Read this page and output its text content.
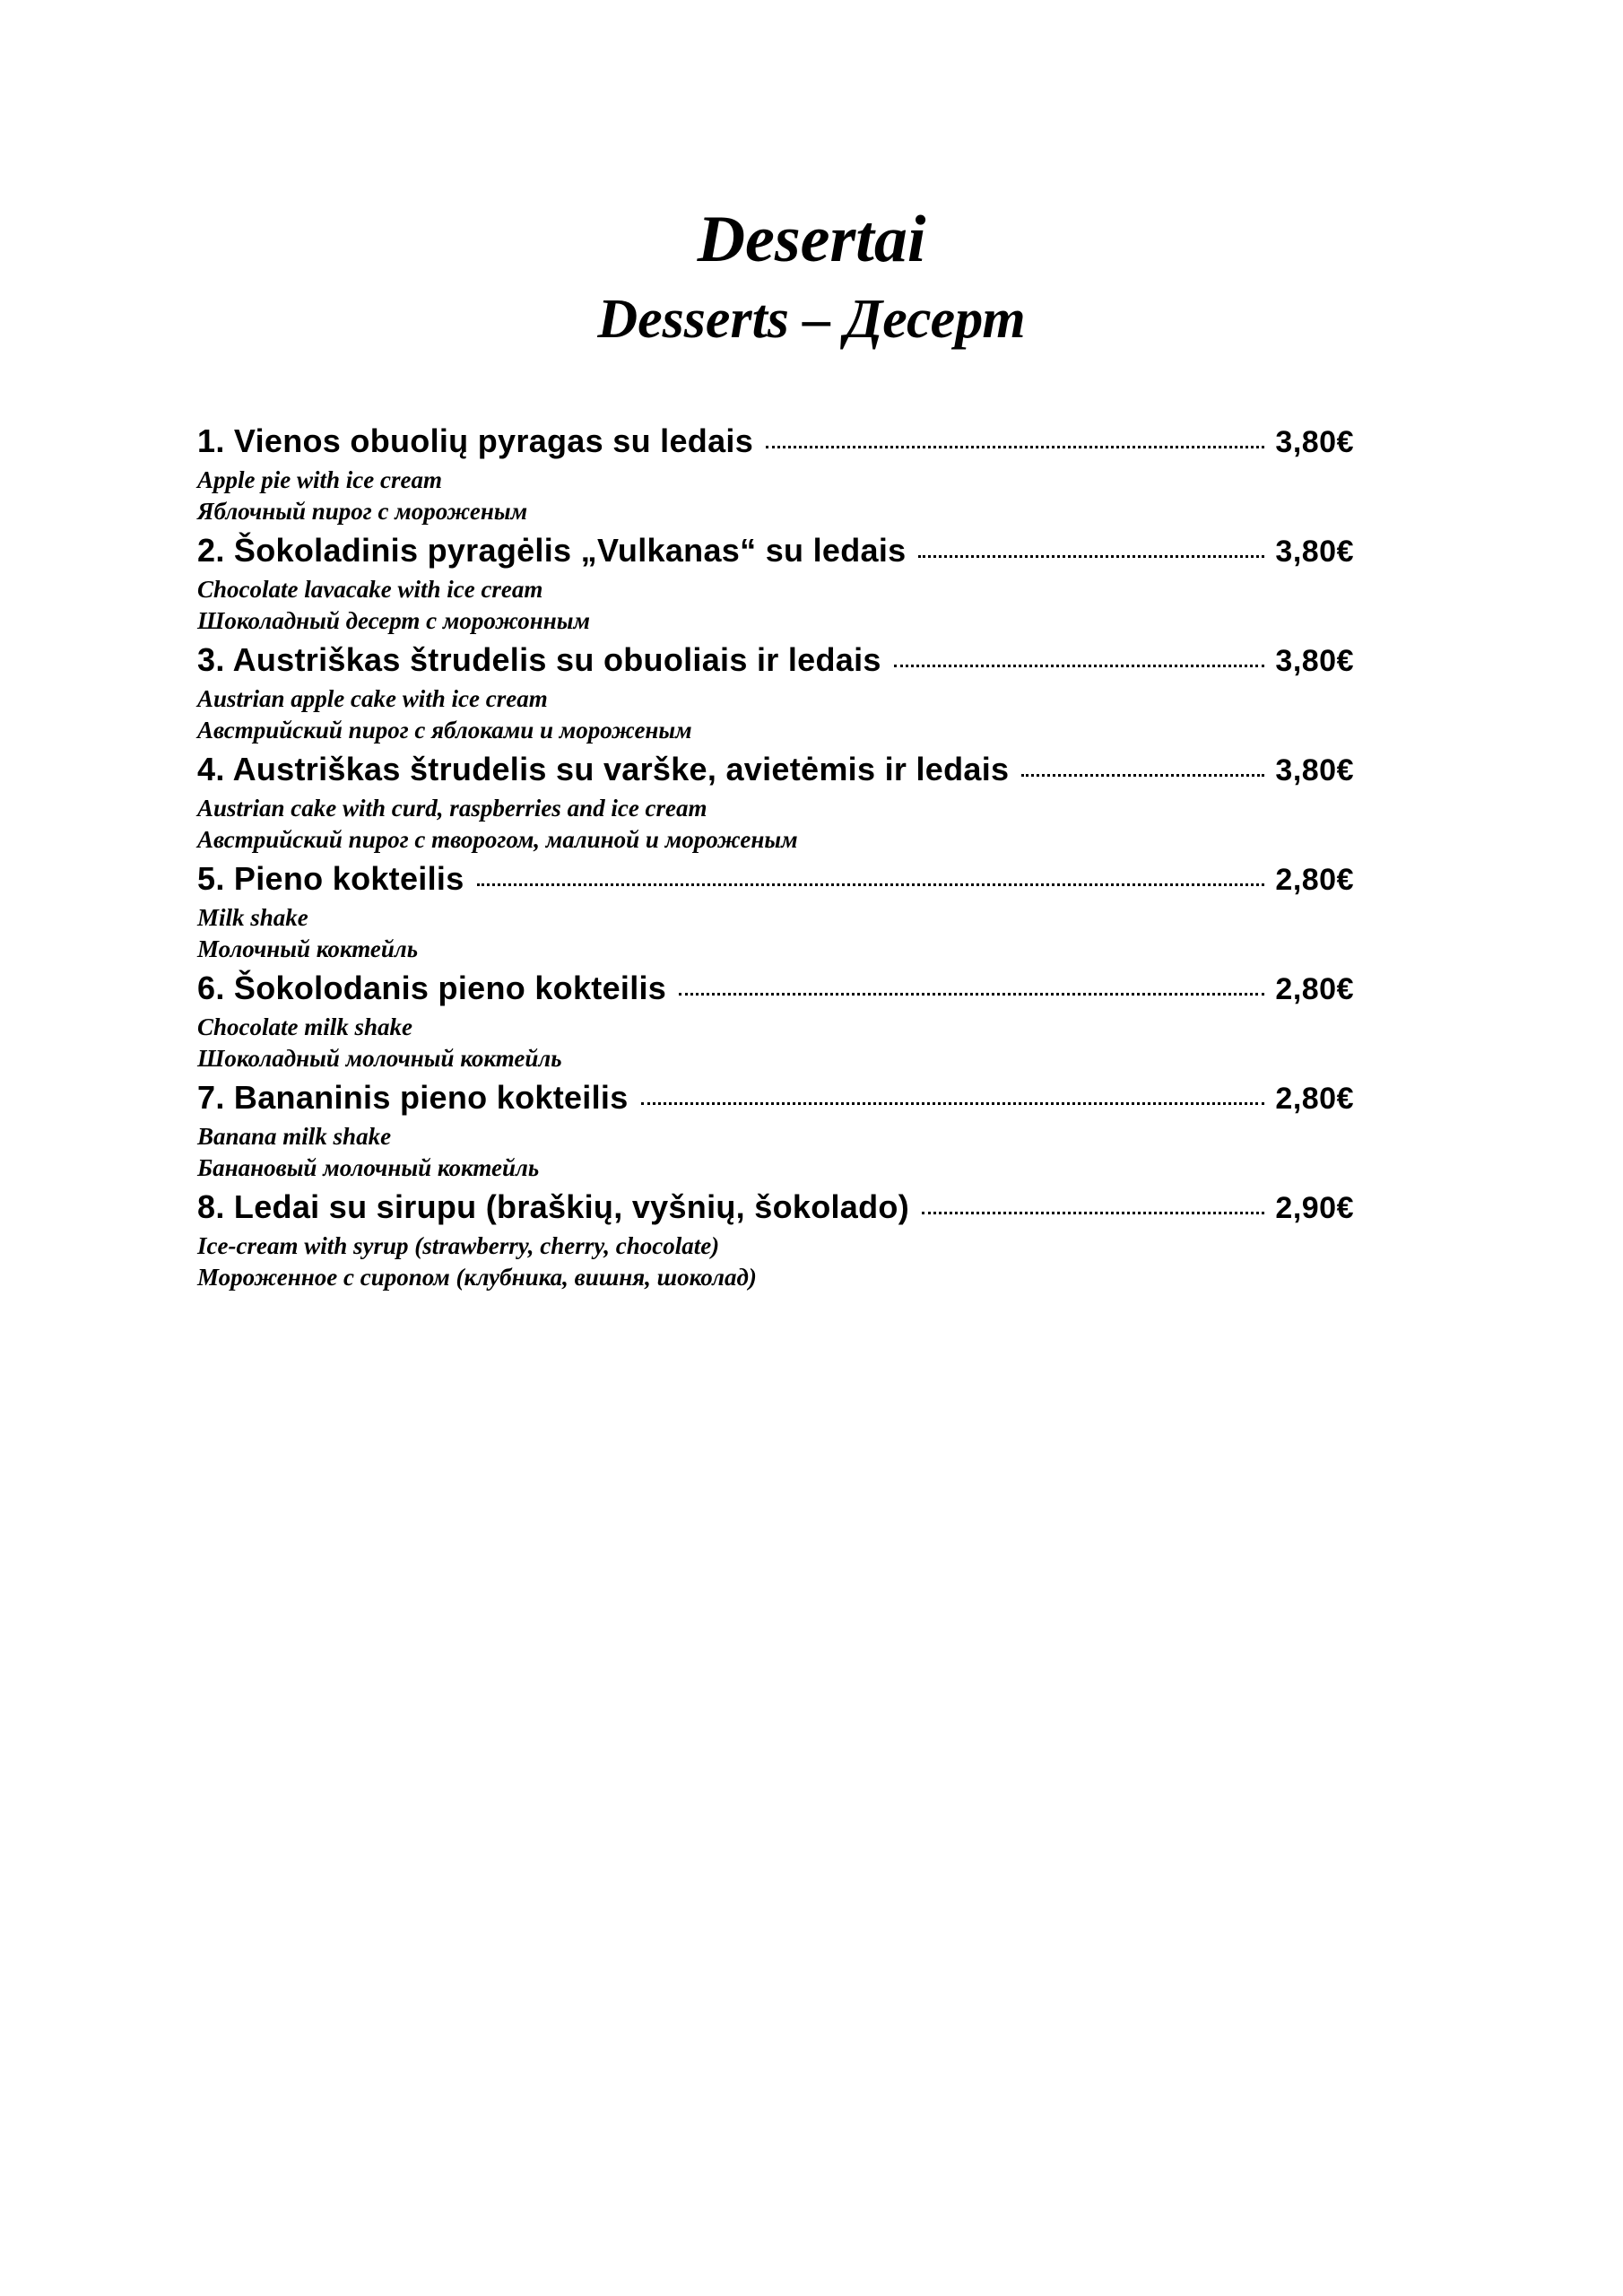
Desertai
Desserts – Десерт
1. Vienos obuolių pyragas su ledais	3,80€
Apple pie with ice cream
Яблочный пирог с мороженым
2. Šokoladinis pyragėlis „Vulkanas“ su ledais	3,80€
Chocolate lavacake with ice cream
Шоколадный десерт с морожонным
3. Austriškas štrudelis su obuoliais ir ledais	3,80€
Austrian apple cake with ice cream
Австрийский пирог с яблоками и мороженым
4. Austriškas štrudelis su varške, avietėmis ir ledais	3,80€
Austrian cake with curd, raspberries and ice cream
Австрийский пирог с творогом, малиной и мороженым
5. Pieno kokteilis	2,80€
Milk shake
Молочный коктейль
6. Šokolodanis pieno kokteilis	2,80€
Chocolate milk shake
Шоколадный молочный коктейль
7. Bananinis pieno kokteilis	2,80€
Banana milk shake
Банановый молочный коктейль
8. Ledai su sirupu (braškių, vyšnių, šokolado)	2,90€
Ice-cream with syrup (strawberry, cherry, chocolate)
Мороженное с сиропом (клубника, вишня, шоколад)
